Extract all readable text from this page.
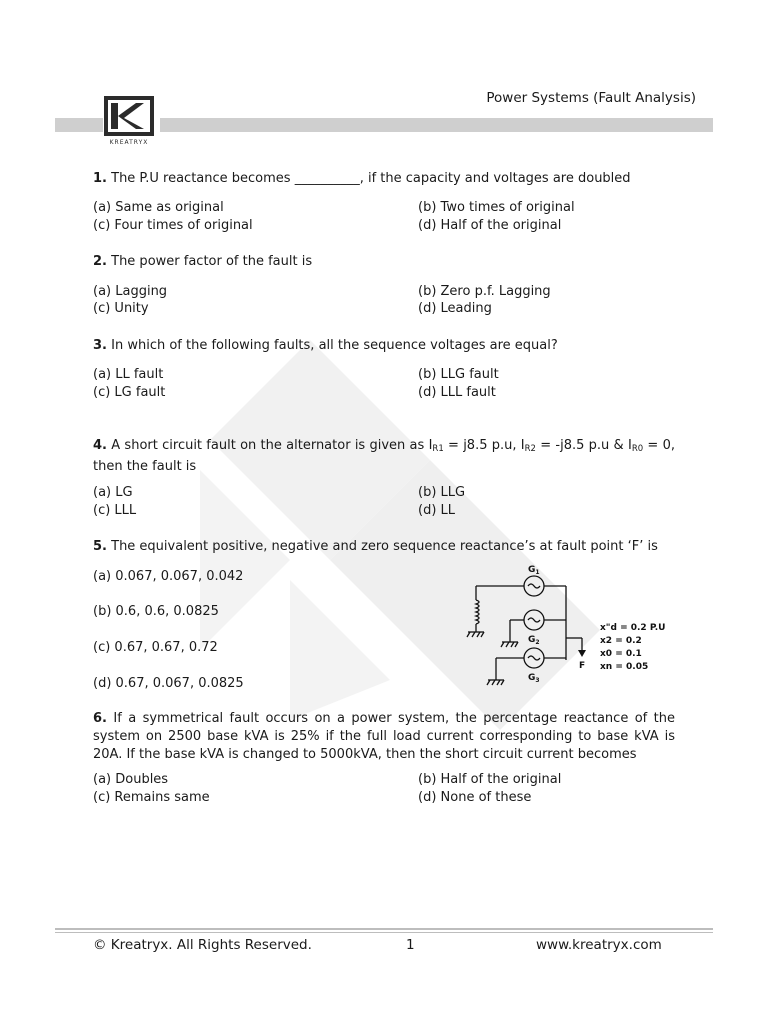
KREATRYX
Power Systems (Fault Analysis)
1. The P.U reactance becomes __________, if the capacity and voltages are doubled
(a) Same as original	(b) Two times of original
(c) Four times of original	(d) Half of the original
2. The power factor of the fault is
(a) Lagging	(b) Zero p.f. Lagging
(c) Unity	(d) Leading
3. In which of the following faults, all the sequence voltages are equal?
(a) LL fault	(b) LLG fault
(c) LG fault	(d) LLL fault
4. A short circuit fault on the alternator is given as $I_{R1} = j8.5$ p.u, $I_{R2} = -j8.5$ p.u & $I_{R0} = 0$, then the fault is
(a) LG	(b) LLG
(c) LLL	(d) LL
5. The equivalent positive, negative and zero sequence reactance’s at fault point ‘F’ is
(a) 0.067, 0.067, 0.042
(b) 0.6, 0.6, 0.0825
(c) 0.67, 0.67, 0.72
(d) 0.67, 0.067, 0.0825
$G_1$
$G_2$
$G_3$
F
x"d = 0.2 P.U
x2 = 0.2
x0 = 0.1
xn = 0.05
6. If a symmetrical fault occurs on a power system, the percentage reactance of the system on 2500 base kVA is 25% if the full load current corresponding to base kVA is 20A. If the base kVA is changed to 5000kVA, then the short circuit current becomes
(a) Doubles	(b) Half of the original
(c) Remains same	(d) None of these
© Kreatryx. All Rights Reserved.	1	www.kreatryx.com
